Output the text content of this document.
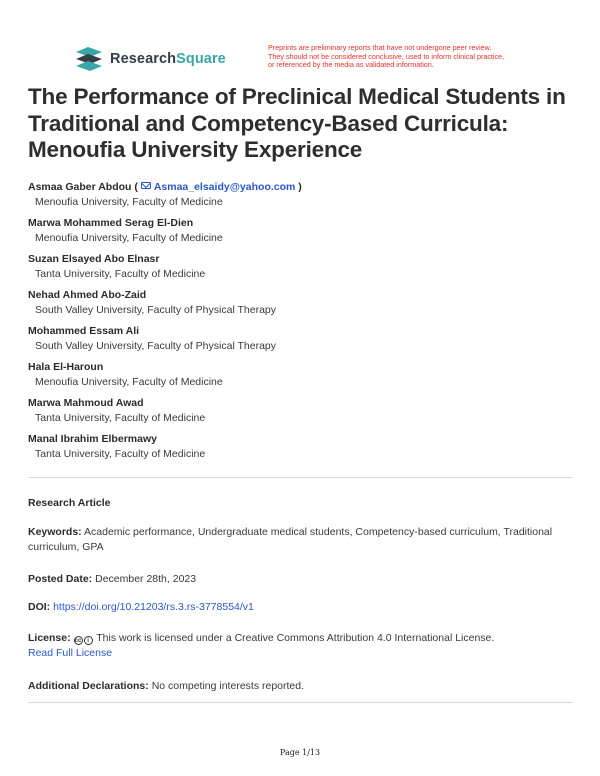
ResearchSquare
Preprints are preliminary reports that have not undergone peer review.
They should not be considered conclusive, used to inform clinical practice,
or referenced by the media as validated information.
The Performance of Preclinical Medical Students in Traditional and Competency-Based Curricula: Menoufia University Experience
Asmaa Gaber Abdou ( Asmaa_elsaidy@yahoo.com )
Menoufia University, Faculty of Medicine
Marwa Mohammed Serag El-Dien
Menoufia University, Faculty of Medicine
Suzan Elsayed Abo Elnasr
Tanta University, Faculty of Medicine
Nehad Ahmed Abo-Zaid
South Valley University, Faculty of Physical Therapy
Mohammed Essam Ali
South Valley University, Faculty of Physical Therapy
Hala El-Haroun
Menoufia University, Faculty of Medicine
Marwa Mahmoud Awad
Tanta University, Faculty of Medicine
Manal Ibrahim Elbermawy
Tanta University, Faculty of Medicine
Research Article
Keywords: Academic performance, Undergraduate medical students, Competency-based curriculum, Traditional curriculum, GPA
Posted Date: December 28th, 2023
DOI: https://doi.org/10.21203/rs.3.rs-3778554/v1
License: cc i This work is licensed under a Creative Commons Attribution 4.0 International License.
Read Full License
Additional Declarations: No competing interests reported.
Page 1/13
